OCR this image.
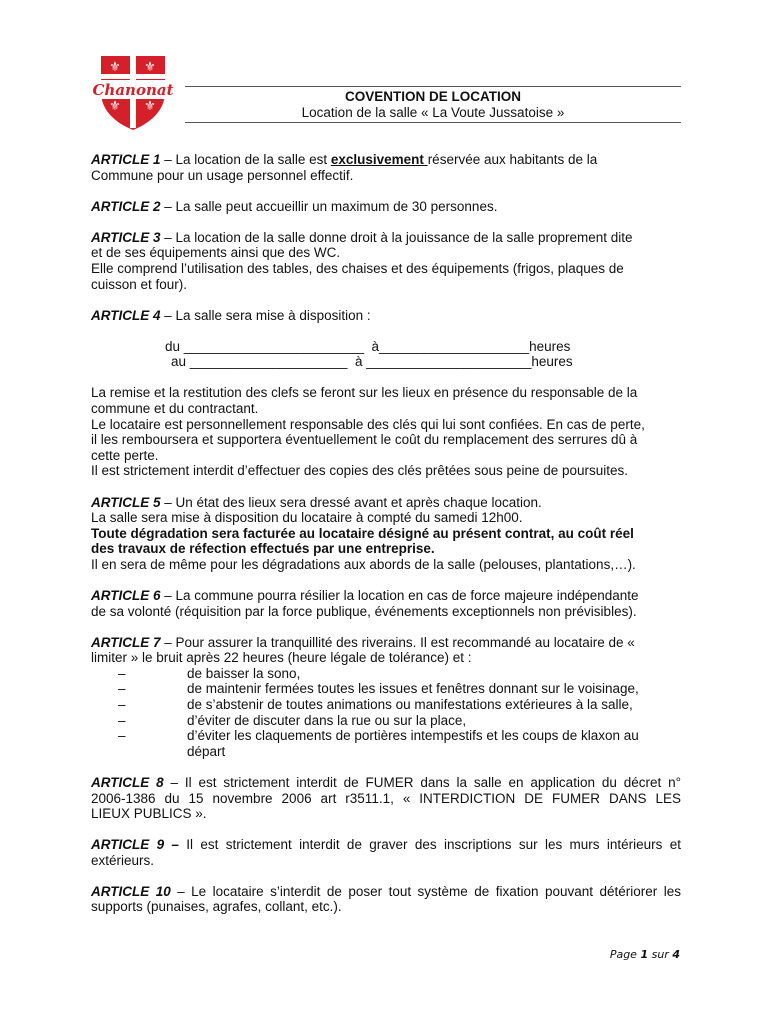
⚜ ⚜
⚜ ⚜
Chanonat	COVENTION DE LOCATION
Location de la salle « La Voute Jussatoise »

ARTICLE 1 – La location de la salle est exclusivement réservée aux habitants de la
Commune pour un usage personnel effectif.

ARTICLE 2 – La salle peut accueillir un maximum de 30 personnes.

ARTICLE 3 – La location de la salle donne droit à la jouissance de la salle proprement dite
et de ses équipements ainsi que des WC.
Elle comprend l’utilisation des tables, des chaises et des équipements (frigos, plaques de
cuisson et four).

ARTICLE 4 – La salle sera mise à disposition :

du ________________________  à____________________heures
au _____________________  à ______________________heures

La remise et la restitution des clefs se feront sur les lieux en présence du responsable de la
commune et du contractant.
Le locataire est personnellement responsable des clés qui lui sont confiées. En cas de perte,
il les remboursera et supportera éventuellement le coût du remplacement des serrures dû à
cette perte.
Il est strictement interdit d’effectuer des copies des clés prêtées sous peine de poursuites.

ARTICLE 5 – Un état des lieux sera dressé avant et après chaque location.
La salle sera mise à disposition du locataire à compté du samedi 12h00.
Toute dégradation sera facturée au locataire désigné au présent contrat, au coût réel
des travaux de réfection effectués par une entreprise.
Il en sera de même pour les dégradations aux abords de la salle (pelouses, plantations,…).

ARTICLE 6 – La commune pourra résilier la location en cas de force majeure indépendante
de sa volonté (réquisition par la force publique, événements exceptionnels non prévisibles).

ARTICLE 7 – Pour assurer la tranquillité des riverains. Il est recommandé au locataire de «
limiter » le bruit après 22 heures (heure légale de tolérance) et :
–	de baisser la sono,
–	de maintenir fermées toutes les issues et fenêtres donnant sur le voisinage,
–	de s’abstenir de toutes animations ou manifestations extérieures à la salle,
–	d’éviter de discuter dans la rue ou sur la place,
–	d’éviter les claquements de portières intempestifs et les coups de klaxon au
départ

ARTICLE 8 – Il est strictement interdit de FUMER dans la salle en application du décret n°
2006-1386 du 15 novembre 2006 art r3511.1, « INTERDICTION DE FUMER DANS LES
LIEUX PUBLICS ».

ARTICLE 9 – Il est strictement interdit de graver des inscriptions sur les murs intérieurs et
extérieurs.

ARTICLE 10 – Le locataire s’interdit de poser tout système de fixation pouvant détériorer les
supports (punaises, agrafes, collant, etc.).

Page 1 sur 4
